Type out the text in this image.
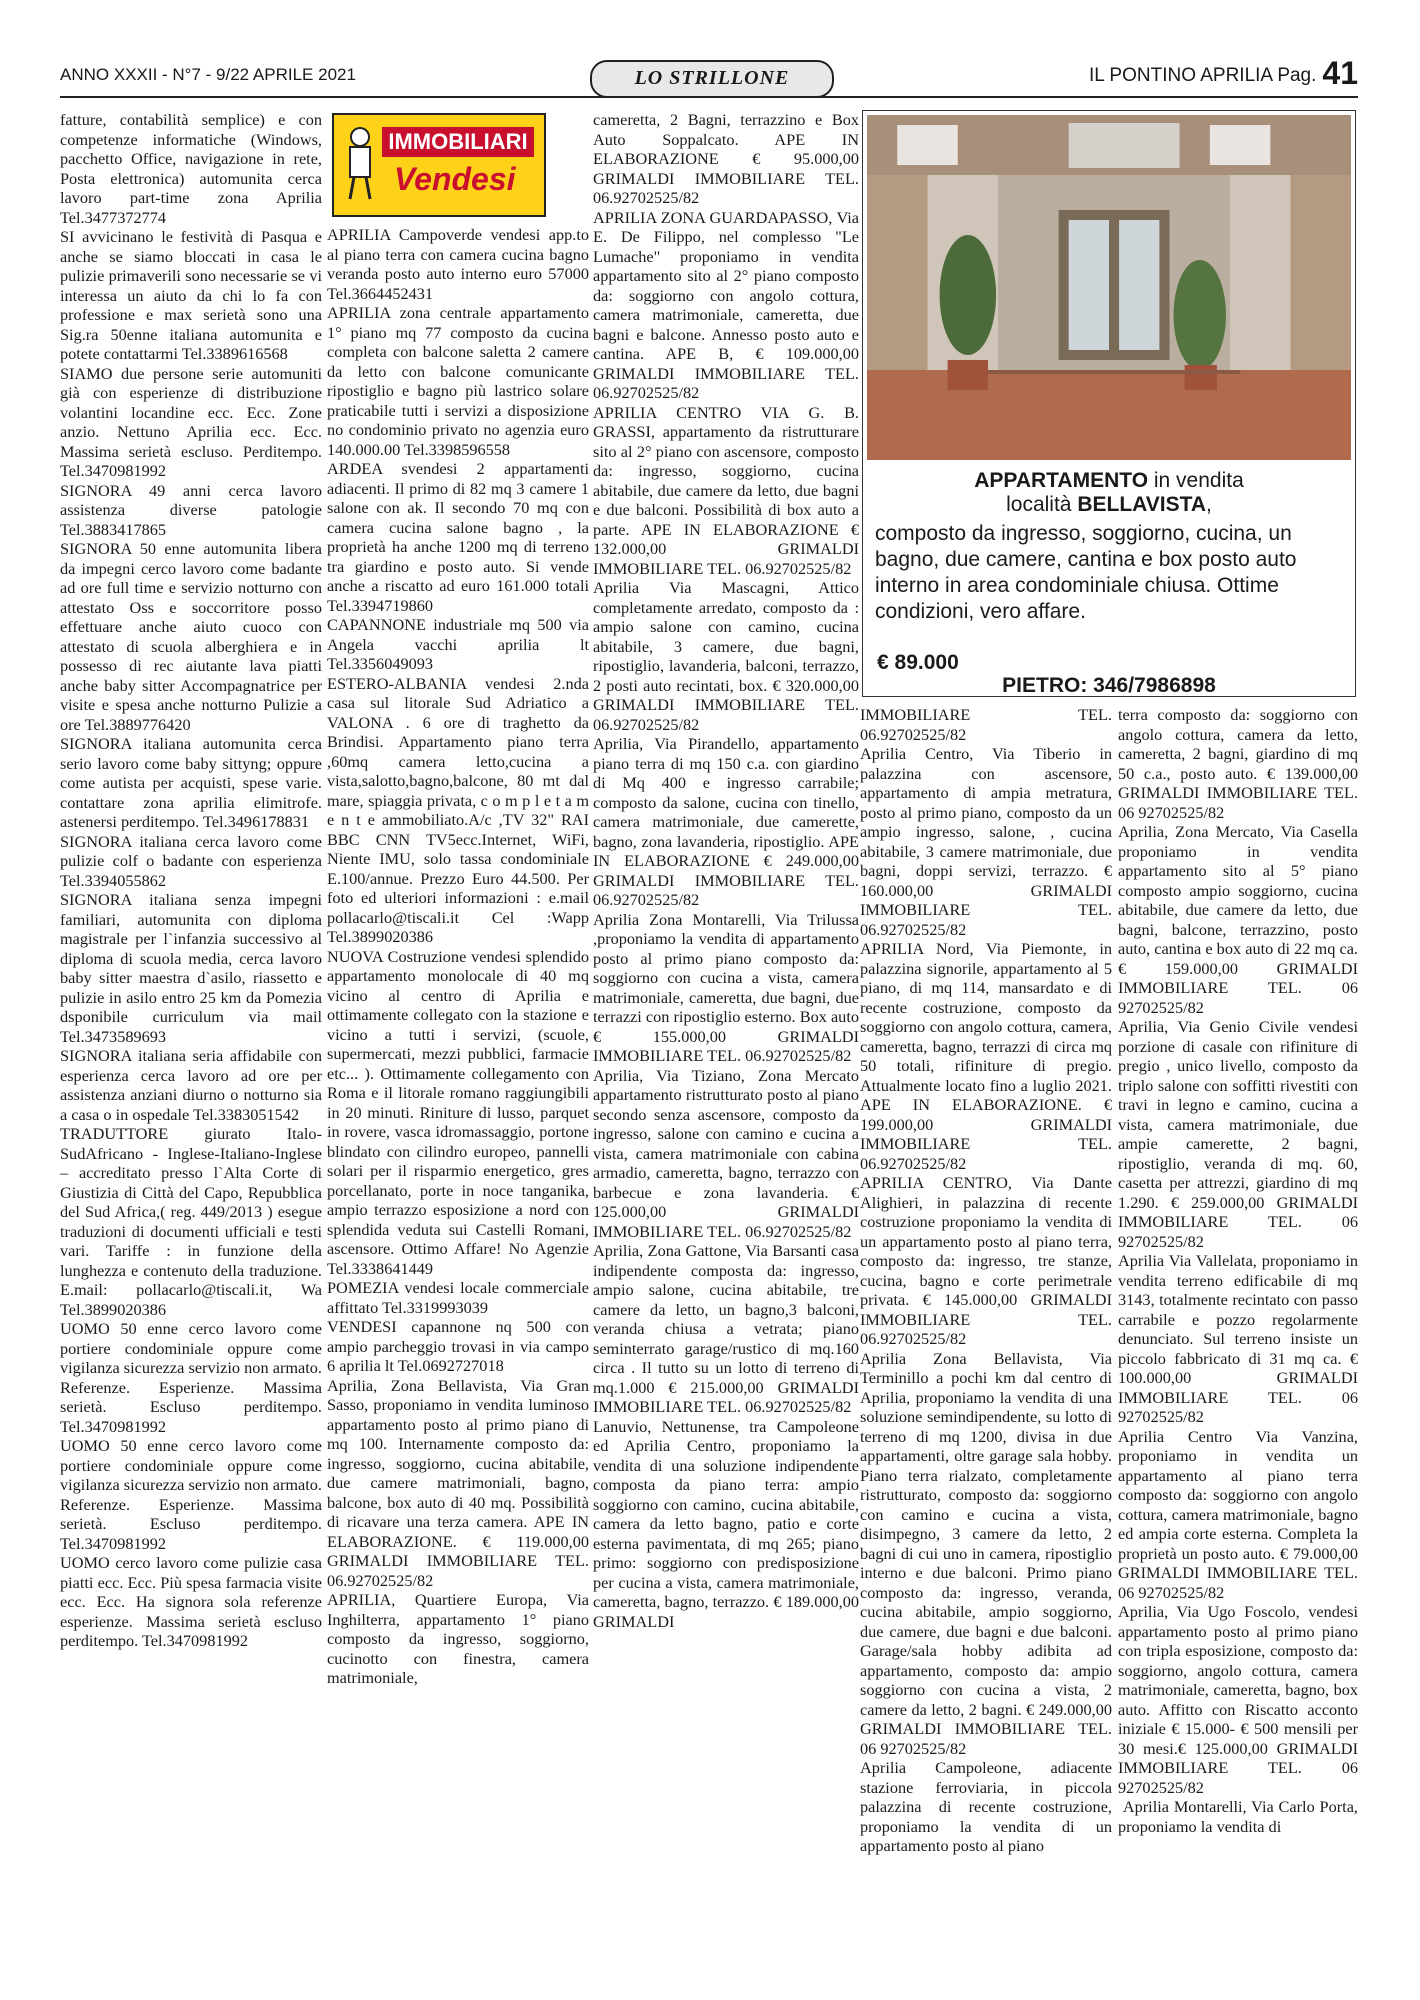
ANNO XXXII - N°7 - 9/22 APRILE 2021	IL PONTINO APRILIA Pag. 41
LO STRILLONE
fatture, contabilità semplice) e con competenze informatiche (Windows, pacchetto Office, navigazione in rete, Posta elettronica) automunita cerca lavoro part-time zona Aprilia Tel.3477372774
SI avvicinano le festività di Pasqua e anche se siamo bloccati in casa le pulizie primaverili sono necessarie se vi interessa un aiuto da chi lo fa con professione e max serietà sono una Sig.ra 50enne italiana automunita e potete contattarmi Tel.3389616568
SIAMO due persone serie automuniti già con esperienze di distribuzione volantini locandine ecc. Ecc. Zone anzio. Nettuno Aprilia ecc. Ecc. Massima serietà escluso. Perditempo. Tel.3470981992
SIGNORA 49 anni cerca lavoro assistenza diverse patologie Tel.3883417865
SIGNORA 50 enne automunita libera da impegni cerco lavoro come badante ad ore full time e servizio notturno con attestato Oss e soccorritore posso effettuare anche aiuto cuoco con attestato di scuola alberghiera e in possesso di rec aiutante lava piatti anche baby sitter Accompagnatrice per visite e spesa anche notturno Pulizie a ore Tel.3889776420
SIGNORA italiana automunita cerca serio lavoro come baby sittyng; oppure come autista per acquisti, spese varie. contattare zona aprilia elimitrofe. astenersi perditempo. Tel.3496178831
SIGNORA italiana cerca lavoro come pulizie colf o badante con esperienza Tel.3394055862
SIGNORA italiana senza impegni familiari, automunita con diploma magistrale per l`infanzia successivo al diploma di scuola media, cerca lavoro baby sitter maestra d`asilo, riassetto e pulizie in asilo entro 25 km da Pomezia dsponibile curriculum via mail Tel.3473589693
SIGNORA italiana seria affidabile con esperienza cerca lavoro ad ore per assistenza anziani diurno o notturno sia a casa o in ospedale Tel.3383051542
TRADUTTORE giurato Italo-SudAfricano - Inglese-Italiano-Inglese – accreditato presso l`Alta Corte di Giustizia di Città del Capo, Repubblica del Sud Africa,( reg. 449/2013 ) esegue traduzioni di documenti ufficiali e testi vari. Tariffe : in funzione della lunghezza e contenuto della traduzione. E.mail: pollacarlo@tiscali.it, Wa Tel.3899020386
UOMO 50 enne cerco lavoro come portiere condominiale oppure come vigilanza sicurezza servizio non armato. Referenze. Esperienze. Massima serietà. Escluso perditempo. Tel.3470981992
UOMO 50 enne cerco lavoro come portiere condominiale oppure come vigilanza sicurezza servizio non armato. Referenze. Esperienze. Massima serietà. Escluso perditempo. Tel.3470981992
UOMO cerco lavoro come pulizie casa piatti ecc. Ecc. Più spesa farmacia visite ecc. Ecc. Ha signora sola referenze esperienze. Massima serietà escluso perditempo. Tel.3470981992
IMMOBILIARI
Vendesi
APRILIA Campoverde vendesi app.to al piano terra con camera cucina bagno veranda posto auto interno euro 57000 Tel.3664452431
APRILIA zona centrale appartamento 1° piano mq 77 composto da cucina completa con balcone saletta 2 camere da letto con balcone comunicante ripostiglio e bagno più lastrico solare praticabile tutti i servizi a disposizione no condominio privato no agenzia euro 140.000.00 Tel.3398596558
ARDEA svendesi 2 appartamenti adiacenti. Il primo di 82 mq 3 camere 1 salone con ak. Il secondo 70 mq con camera cucina salone bagno , la proprietà ha anche 1200 mq di terreno tra giardino e posto auto. Si vende anche a riscatto ad euro 161.000 totali Tel.3394719860
CAPANNONE industriale mq 500 via Angela vacchi aprilia lt Tel.3356049093
ESTERO-ALBANIA vendesi 2.nda casa sul litorale Sud Adriatico a VALONA . 6 ore di traghetto da Brindisi. Appartamento piano terra ,60mq camera letto,cucina a vista,salotto,bagno,balcone, 80 mt dal mare, spiaggia privata, c o m p l e t a m e n t e ammobiliato.A/c ,TV 32" RAI BBC CNN TV5ecc.Internet, WiFi, Niente IMU, solo tassa condominiale E.100/annue. Prezzo Euro 44.500. Per foto ed ulteriori informazioni : e.mail pollacarlo@tiscali.it Cel :Wapp Tel.3899020386
NUOVA Costruzione vendesi splendido appartamento monolocale di 40 mq vicino al centro di Aprilia e ottimamente collegato con la stazione e vicino a tutti i servizi, (scuole, supermercati, mezzi pubblici, farmacie etc... ). Ottimamente collegamento con Roma e il litorale romano raggiungibili in 20 minuti. Riniture di lusso, parquet in rovere, vasca idromassaggio, portone blindato con cilindro europeo, pannelli solari per il risparmio energetico, gres porcellanato, porte in noce tanganika, ampio terrazzo esposizione a nord con splendida veduta sui Castelli Romani, ascensore. Ottimo Affare! No Agenzie Tel.3338641449
POMEZIA vendesi locale commerciale affittato Tel.3319993039
VENDESI capannone nq 500 con ampio parcheggio trovasi in via campo 6 aprilia lt Tel.0692727018
Aprilia, Zona Bellavista, Via Gran Sasso, proponiamo in vendita luminoso appartamento posto al primo piano di mq 100. Internamente composto da: ingresso, soggiorno, cucina abitabile, due camere matrimoniali, bagno, balcone, box auto di 40 mq. Possibilità di ricavare una terza camera. APE IN ELABORAZIONE. € 119.000,00 GRIMALDI IMMOBILIARE TEL. 06.92702525/82
APRILIA, Quartiere Europa, Via Inghilterra, appartamento 1° piano composto da ingresso, soggiorno, cucinotto con finestra, camera matrimoniale,
cameretta, 2 Bagni, terrazzino e Box Auto Soppalcato. APE IN ELABORAZIONE € 95.000,00 GRIMALDI IMMOBILIARE TEL. 06.92702525/82
APRILIA ZONA GUARDAPASSO, Via E. De Filippo, nel complesso "Le Lumache" proponiamo in vendita appartamento sito al 2° piano composto da: soggiorno con angolo cottura, camera matrimoniale, cameretta, due bagni e balcone. Annesso posto auto e cantina. APE B, € 109.000,00 GRIMALDI IMMOBILIARE TEL. 06.92702525/82
APRILIA CENTRO VIA G. B. GRASSI, appartamento da ristrutturare sito al 2° piano con ascensore, composto da: ingresso, soggiorno, cucina abitabile, due camere da letto, due bagni e due balconi. Possibilità di box auto a parte. APE IN ELABORAZIONE € 132.000,00 GRIMALDI IMMOBILIARE TEL. 06.92702525/82
Aprilia Via Mascagni, Attico completamente arredato, composto da : ampio salone con camino, cucina abitabile, 3 camere, due bagni, ripostiglio, lavanderia, balconi, terrazzo, 2 posti auto recintati, box. € 320.000,00 GRIMALDI IMMOBILIARE TEL. 06.92702525/82
Aprilia, Via Pirandello, appartamento piano terra di mq 150 c.a. con giardino di Mq 400 e ingresso carrabile; composto da salone, cucina con tinello, camera matrimoniale, due camerette, bagno, zona lavanderia, ripostiglio. APE IN ELABORAZIONE € 249.000,00 GRIMALDI IMMOBILIARE TEL. 06.92702525/82
Aprilia Zona Montarelli, Via Trilussa ,proponiamo la vendita di appartamento posto al primo piano composto da: soggiorno con cucina a vista, camera matrimoniale, cameretta, due bagni, due terrazzi con ripostiglio esterno. Box auto € 155.000,00 GRIMALDI IMMOBILIARE TEL. 06.92702525/82
Aprilia, Via Tiziano, Zona Mercato appartamento ristrutturato posto al piano secondo senza ascensore, composto da ingresso, salone con camino e cucina a vista, camera matrimoniale con cabina armadio, cameretta, bagno, terrazzo con barbecue e zona lavanderia. € 125.000,00 GRIMALDI IMMOBILIARE TEL. 06.92702525/82
Aprilia, Zona Gattone, Via Barsanti casa indipendente composta da: ingresso, ampio salone, cucina abitabile, tre camere da letto, un bagno,3 balconi, veranda chiusa a vetrata; piano seminterrato garage/rustico di mq.160 circa . Il tutto su un lotto di terreno di mq.1.000 € 215.000,00 GRIMALDI IMMOBILIARE TEL. 06.92702525/82
Lanuvio, Nettunense, tra Campoleone ed Aprilia Centro, proponiamo la vendita di una soluzione indipendente composta da piano terra: ampio soggiorno con camino, cucina abitabile, camera da letto bagno, patio e corte esterna pavimentata, di mq 265; piano primo: soggiorno con predisposizione per cucina a vista, camera matrimoniale, cameretta, bagno, terrazzo. € 189.000,00 GRIMALDI
APPARTAMENTO in vendita
località BELLAVISTA,
composto da ingresso, soggiorno, cucina, un bagno, due camere, cantina e box posto auto interno in area condominiale chiusa. Ottime condizioni, vero affare.
€ 89.000
PIETRO: 346/7986898
IMMOBILIARE TEL. 06.92702525/82
Aprilia Centro, Via Tiberio in palazzina con ascensore, appartamento di ampia metratura, posto al primo piano, composto da un ampio ingresso, salone, , cucina abitabile, 3 camere matrimoniale, due bagni, doppi servizi, terrazzo. € 160.000,00 GRIMALDI IMMOBILIARE TEL. 06.92702525/82
APRILIA Nord, Via Piemonte, in palazzina signorile, appartamento al 5 piano, di mq 114, mansardato e di recente costruzione, composto da soggiorno con angolo cottura, camera, cameretta, bagno, terrazzi di circa mq 50 totali, rifiniture di pregio. Attualmente locato fino a luglio 2021. APE IN ELABORAZIONE. € 199.000,00 GRIMALDI IMMOBILIARE TEL. 06.92702525/82
APRILIA CENTRO, Via Dante Alighieri, in palazzina di recente costruzione proponiamo la vendita di un appartamento posto al piano terra, composto da: ingresso, tre stanze, cucina, bagno e corte perimetrale privata. € 145.000,00 GRIMALDI IMMOBILIARE TEL. 06.92702525/82
Aprilia Zona Bellavista, Via Terminillo a pochi km dal centro di Aprilia, proponiamo la vendita di una soluzione semindipendente, su lotto di terreno di mq 1200, divisa in due appartamenti, oltre garage sala hobby. Piano terra rialzato, completamente ristrutturato, composto da: soggiorno con camino e cucina a vista, disimpegno, 3 camere da letto, 2 bagni di cui uno in camera, ripostiglio interno e due balconi. Primo piano composto da: ingresso, veranda, cucina abitabile, ampio soggiorno, due camere, due bagni e due balconi. Garage/sala hobby adibita ad appartamento, composto da: ampio soggiorno con cucina a vista, 2 camere da letto, 2 bagni. € 249.000,00 GRIMALDI IMMOBILIARE TEL. 06 92702525/82
Aprilia Campoleone, adiacente stazione ferroviaria, in piccola palazzina di recente costruzione, proponiamo la vendita di un appartamento posto al piano
terra composto da: soggiorno con angolo cottura, camera da letto, cameretta, 2 bagni, giardino di mq 50 c.a., posto auto. € 139.000,00 GRIMALDI IMMOBILIARE TEL. 06 92702525/82
Aprilia, Zona Mercato, Via Casella proponiamo in vendita appartamento sito al 5° piano composto ampio soggiorno, cucina abitabile, due camere da letto, due bagni, balcone, terrazzino, posto auto, cantina e box auto di 22 mq ca. € 159.000,00 GRIMALDI IMMOBILIARE TEL. 06 92702525/82
Aprilia, Via Genio Civile vendesi porzione di casale con rifiniture di pregio , unico livello, composto da triplo salone con soffitti rivestiti con travi in legno e camino, cucina a vista, camera matrimoniale, due ampie camerette, 2 bagni, ripostiglio, veranda di mq. 60, casetta per attrezzi, giardino di mq 1.290. € 259.000,00 GRIMALDI IMMOBILIARE TEL. 06 92702525/82
Aprilia Via Vallelata, proponiamo in vendita terreno edificabile di mq 3143, totalmente recintato con passo carrabile e pozzo regolarmente denunciato. Sul terreno insiste un piccolo fabbricato di 31 mq ca. € 100.000,00 GRIMALDI IMMOBILIARE TEL. 06 92702525/82
Aprilia Centro Via Vanzina, proponiamo in vendita un appartamento al piano terra composto da: soggiorno con angolo cottura, camera matrimoniale, bagno ed ampia corte esterna. Completa la proprietà un posto auto. € 79.000,00 GRIMALDI IMMOBILIARE TEL. 06 92702525/82
Aprilia, Via Ugo Foscolo, vendesi appartamento posto al primo piano con tripla esposizione, composto da: soggiorno, angolo cottura, camera matrimoniale, cameretta, bagno, box auto. Affitto con Riscatto acconto iniziale € 15.000- € 500 mensili per 30 mesi.€ 125.000,00 GRIMALDI IMMOBILIARE TEL. 06 92702525/82
Aprilia Montarelli, Via Carlo Porta, proponiamo la vendita di
